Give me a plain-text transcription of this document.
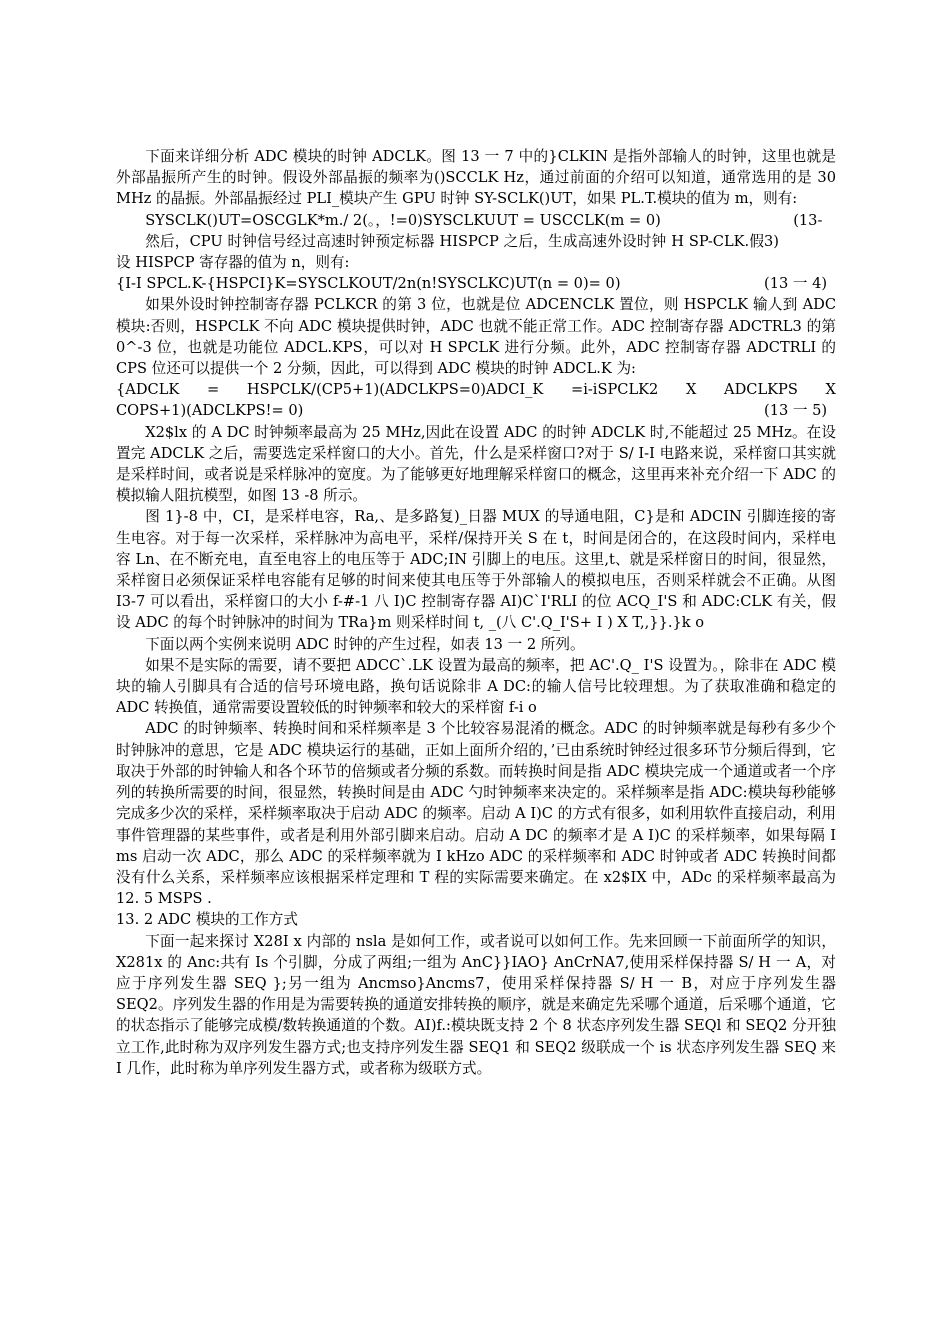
下面来详细分析 ADC 模块的时钟 ADCLK。图 13 一 7 中的}CLKIN 是指外部输人的时钟，这里也就是外部晶振所产生的时钟。假设外部晶振的频率为()SCCLK Hz，通过前面的介绍可以知道，通常选用的是 30 MHz 的晶振。外部晶振经过 PLI_模块产生 GPU 时钟 SY-SCLK()UT，如果 PL.T.模块的值为 m，则有:

(13-3)
SYSCLK()UT=OSCGLK*m./ 2(。，!=0)SYSCLKUUT = USCCLK(m = 0)

然后，CPU 时钟信号经过高速时钟预定标器 HISPCP 之后，生成高速外设时钟 H SP-CLK.假设 HISPCP 寄存器的值为 n，则有:

(13 一 4)
{I-I SPCL.K-{HSPCI}K=SYSCLKOUT/2n(n!SYSCLKC)UT(n = 0)= 0)

如果外设时钟控制寄存器 PCLKCR 的第 3 位，也就是位 ADCENCLK 置位，则 HSPCLK 输人到 ADC 模块:否则，HSPCLK 不向 ADC 模块提供时钟，ADC 也就不能正常工作。ADC 控制寄存器 ADCTRL3 的第 0^-3 位，也就是功能位 ADCL.KPS，可以对 H SPCLK 进行分频。此外，ADC 控制寄存器 ADCTRLI 的 CPS 位还可以提供一个 2 分频，因此，可以得到 ADC 模块的时钟 ADCL.K 为:

{ADCLK = HSPCLK/(CP5+1)(ADCLKPS=0)ADCI_K =i-iSPCLK2 X ADCLKPS X

(13 一 5)
COPS+1)(ADCLKPS!= 0)

X2$lx 的 A DC 时钟频率最高为 25 MHz,因此在设置 ADC 的时钟 ADCLK 时,不能超过 25 MHz。在设置完 ADCLK 之后，需要选定采样窗口的大小。首先，什么是采样窗口?对于 S/ I-I 电路来说，采样窗口其实就是采样时间，或者说是采样脉冲的宽度。为了能够更好地理解采样窗口的概念，这里再来补充介绍一下 ADC 的模拟输人阻抗模型，如图 13 -8 所示。

图 1}-8 中，CI，是采样电容，Ra,、是多路复)_日器 MUX 的导通电阻，C}是和 ADCIN 引脚连接的寄生电容。对于每一次采样，采样脉冲为高电平，采样/保持开关 S 在 t，时间是闭合的，在这段时间内，采样电容 Ln、在不断充电，直至电容上的电压等于 ADC;IN 引脚上的电压。这里,t、就是采样窗日的时间，很显然，采样窗日必须保证采样电容能有足够的时间来使其电压等于外部输人的模拟电压，否则采样就会不正确。从图 I3-7 可以看出，采样窗口的大小 f-#-1 八 I)C 控制寄存器 AI)C`I'RLI 的位 ACQ_I'S 和 ADC:CLK 有关，假设 ADC 的每个时钟脉冲的时间为 TRa}m 则采样时间 t, _(八 C'.Q_I'S+ I ) X T,,}}.}k o

下面以两个实例来说明 ADC 时钟的产生过程，如表 13 一 2 所列。

如果不是实际的需要，请不要把 ADCC`.LK 设置为最高的频率，把 AC'.Q_ I'S 设置为。，除非在 ADC 模块的输人引脚具有合适的信号环境电路，换句话说除非 A DC:的输人信号比较理想。为了获取准确和稳定的 ADC 转换值，通常需要设置较低的时钟频率和较大的采样窗 f-i o

ADC 的时钟频率、转换时间和采样频率是 3 个比较容易混淆的概念。ADC 的时钟频率就是每秒有多少个时钟脉冲的意思，它是 ADC 模块运行的基础，正如上面所介绍的，’已由系统时钟经过很多环节分频后得到，它取决于外部的时钟输人和各个环节的倍频或者分频的系数。而转换时间是指 ADC 模块完成一个通道或者一个序列的转换所需要的时间，很显然，转换时间是由 ADC 勺时钟频率来决定的。采样频率是指 ADC:模块每秒能够完成多少次的采样，采样频率取决于启动 ADC 的频率。启动 A I)C 的方式有很多，如利用软件直接启动，利用事件管理器的某些事件，或者是利用外部引脚来启动。启动 A DC 的频率才是 A I)C 的采样频率，如果每隔 I ms 启动一次 ADC，那么 ADC 的采样频率就为 I kHzo ADC 的采样频率和 ADC 时钟或者 ADC 转换时间都没有什么关系，采样频率应该根据采样定理和 T 程的实际需要来确定。在 x2$IX 中，ADc 的采样频率最高为 12. 5 MSPS .

13. 2 ADC 模块的工作方式

下面一起来探讨 X28I x 内部的 nsla 是如何工作，或者说可以如何工作。先来回顾一下前面所学的知识，X281x 的 Anc:共有 Is 个引脚，分成了两组;一组为 AnC}}IAO} AnCrNA7,使用采样保持器 S/ H 一 A，对应于序列发生器 SEQ };另一组为 Ancmso}Ancms7，使用采样保持器 S/ H 一 B，对应于序列发生器 SEQ2。序列发生器的作用是为需要转换的通道安排转换的顺序，就是来确定先采哪个通道，后采哪个通道，它的状态指示了能够完成模/数转换通道的个数。AI)f.:模块既支持 2 个 8 状态序列发生器 SEQl 和 SEQ2 分开独立工作,此时称为双序列发生器方式;也支持序列发生器 SEQ1 和 SEQ2 级联成一个 is 状态序列发生器 SEQ 来 I 几作，此时称为单序列发生器方式，或者称为级联方式。
